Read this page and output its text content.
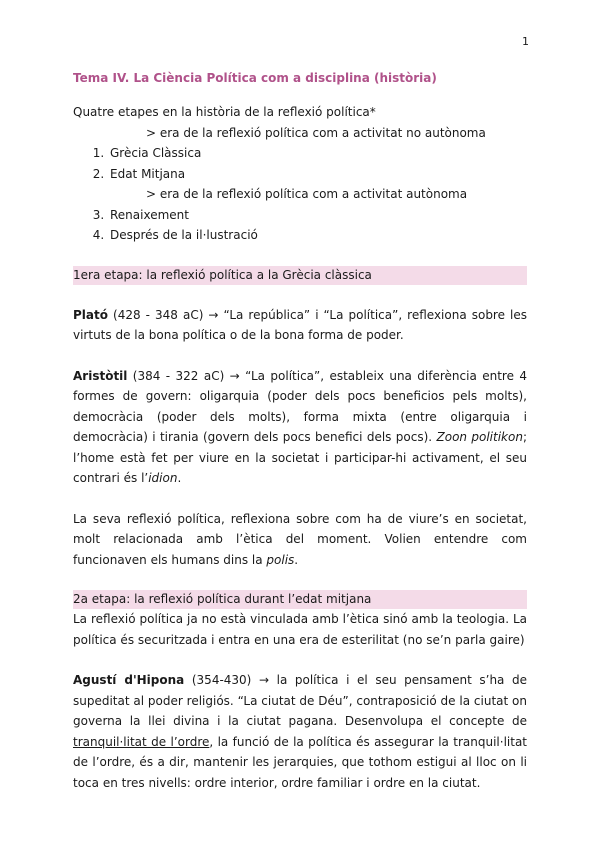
1
Tema IV. La Ciència Política com a disciplina (història)
Quatre etapes en la història de la reflexió política*
> era de la reflexió política com a activitat no autònoma
1. Grècia Clàssica
2. Edat Mitjana
> era de la reflexió política com a activitat autònoma
3. Renaixement
4. Després de la il·lustració
1era etapa: la reflexió política a la Grècia clàssica

Plató (428 - 348 aC) → “La república” i “La política”, reflexiona sobre les virtuts de la bona política o de la bona forma de poder.

Aristòtil (384 - 322 aC) → “La política”, estableix una diferència entre 4 formes de govern: oligarquia (poder dels pocs beneficios pels molts), democràcia (poder dels molts), forma mixta (entre oligarquia i democràcia) i tirania (govern dels pocs benefici dels pocs). Zoon politikon; l’home està fet per viure en la societat i participar-hi activament, el seu contrari és l’idion.

La seva reflexió política, reflexiona sobre com ha de viure’s en societat, molt relacionada amb l’ètica del moment. Volien entendre com funcionaven els humans dins la polis.

2a etapa: la reflexió política durant l’edat mitjana

La reflexió política ja no està vinculada amb l’ètica sinó amb la teologia. La política és securitzada i entra en una era de esterilitat (no se’n parla gaire)

Agustí d'Hipona (354-430) → la política i el seu pensament s’ha de supeditat al poder religiós. “La ciutat de Déu”, contraposició de la ciutat on governa la llei divina i la ciutat pagana. Desenvolupa el concepte de tranquil·litat de l’ordre, la funció de la política és assegurar la tranquil·litat de l’ordre, és a dir, mantenir les jerarquies, que tothom estigui al lloc on li toca en tres nivells: ordre interior, ordre familiar i ordre en la ciutat.
